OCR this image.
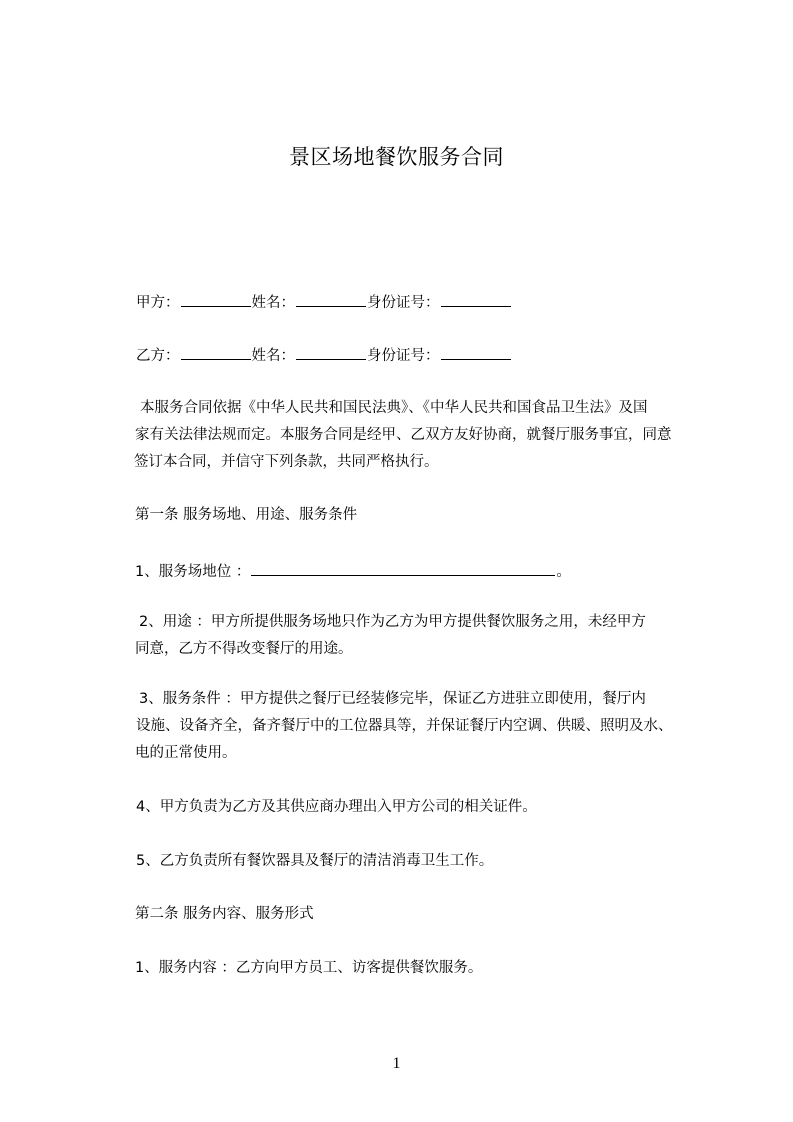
景区场地餐饮服务合同
甲方：	姓名：	身份证号：
乙方：	姓名：	身份证号：
本服务合同依据《中华人民共和国民法典》、《中华人民共和国食品卫生法》及国
家有关法律法规而定。本服务合同是经甲、乙双方友好协商，就餐厅服务事宜，同意
签订本合同，并信守下列条款，共同严格执行。
第一条 服务场地、用途、服务条件
1、服务场地位 ：	。
2、用途 ：甲方所提供服务场地只作为乙方为甲方提供餐饮服务之用，未经甲方
同意，乙方不得改变餐厅的用途。
3、服务条件 ：甲方提供之餐厅已经装修完毕，保证乙方进驻立即使用，餐厅内
设施、设备齐全，备齐餐厅中的工位器具等，并保证餐厅内空调、供暖、照明及水、
电的正常使用。
4、甲方负责为乙方及其供应商办理出入甲方公司的相关证件。
5、乙方负责所有餐饮器具及餐厅的清洁消毒卫生工作。
第二条 服务内容、服务形式
1、服务内容 ：乙方向甲方员工、访客提供餐饮服务。
1
